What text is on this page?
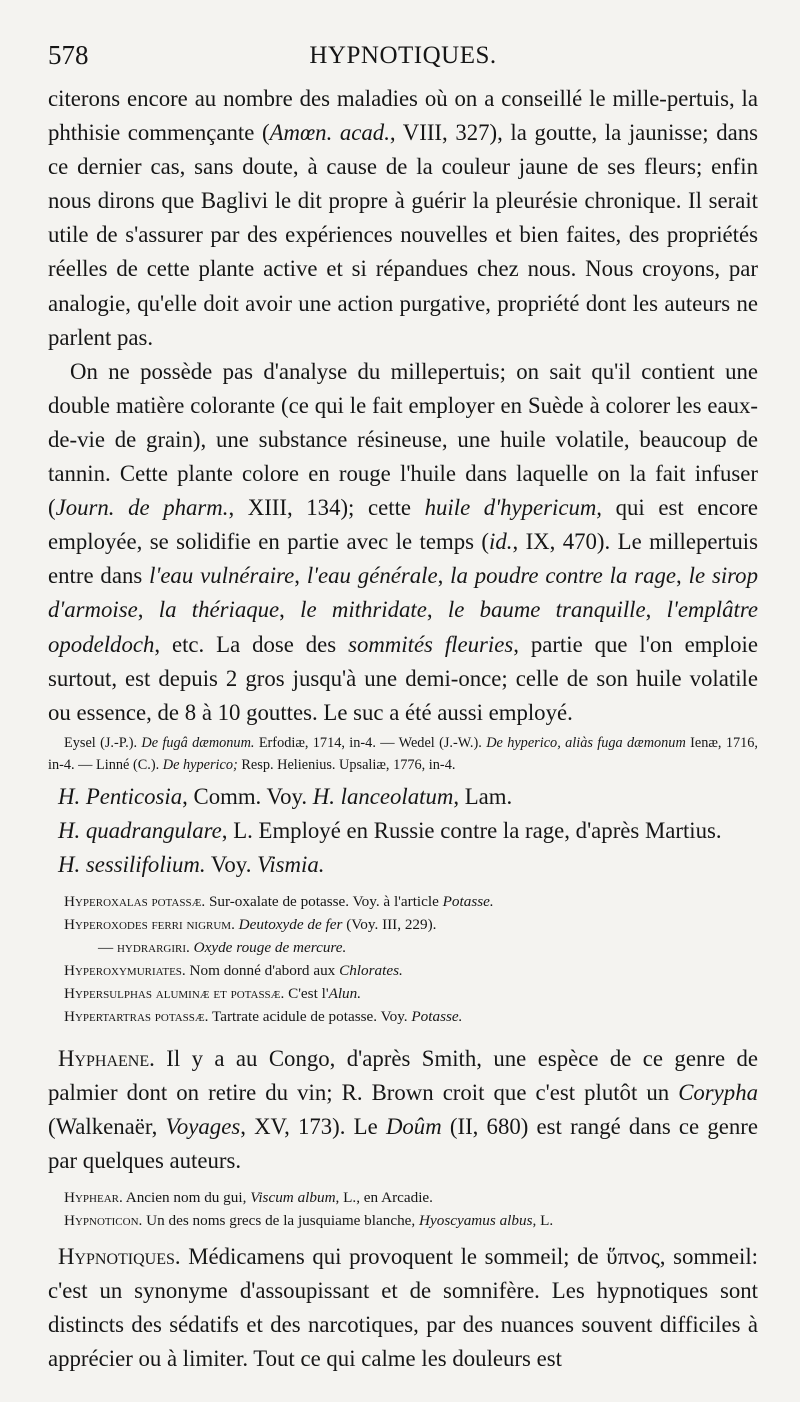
578	HYPNOTIQUES.

citerons encore au nombre des maladies où on a conseillé le mille-pertuis, la phthisie commençante (Amœn. acad., VIII, 327), la goutte, la jaunisse; dans ce dernier cas, sans doute, à cause de la couleur jaune de ses fleurs; enfin nous dirons que Baglivi le dit propre à guérir la pleurésie chronique. Il serait utile de s'assurer par des expériences nouvelles et bien faites, des propriétés réelles de cette plante active et si répandues chez nous. Nous croyons, par analogie, qu'elle doit avoir une action purgative, propriété dont les auteurs ne parlent pas.

On ne possède pas d'analyse du millepertuis; on sait qu'il contient une double matière colorante (ce qui le fait employer en Suède à colorer les eaux-de-vie de grain), une substance résineuse, une huile volatile, beaucoup de tannin. Cette plante colore en rouge l'huile dans laquelle on la fait infuser (Journ. de pharm., XIII, 134); cette huile d'hypericum, qui est encore employée, se solidifie en partie avec le temps (id., IX, 470). Le millepertuis entre dans l'eau vulnéraire, l'eau générale, la poudre contre la rage, le sirop d'armoise, la thériaque, le mithridate, le baume tranquille, l'emplâtre opodeldoch, etc. La dose des sommités fleuries, partie que l'on emploie surtout, est depuis 2 gros jusqu'à une demi-once; celle de son huile volatile ou essence, de 8 à 10 gouttes. Le suc a été aussi employé.

Eysel (J.-P.). De fugâ dæmonum. Erfodiæ, 1714, in-4. — Wedel (J.-W.). De hyperico, aliàs fuga dæmonum Ienæ, 1716, in-4. — Linné (C.). De hyperico; Resp. Helienius. Upsaliæ, 1776, in-4.

H. Penticosia, Comm. Voy. H. lanceolatum, Lam.

H. quadrangulare, L. Employé en Russie contre la rage, d'après Martius.

H. sessilifolium. Voy. Vismia.

Hyperoxalas potassæ. Sur-oxalate de potasse. Voy. à l'article Potasse.

Hyperoxodes ferri nigrum. Deutoxyde de fer (Voy. III, 229).

— hydrargiri. Oxyde rouge de mercure.

Hyperoxymuriates. Nom donné d'abord aux Chlorates.

Hypersulphas aluminæ et potassæ. C'est l'Alun.

Hypertartras potassæ. Tartrate acidule de potasse. Voy. Potasse.

Hyphaene. Il y a au Congo, d'après Smith, une espèce de ce genre de palmier dont on retire du vin; R. Brown croit que c'est plutôt un Corypha (Walkenaër, Voyages, XV, 173). Le Doûm (II, 680) est rangé dans ce genre par quelques auteurs.

Hyphear. Ancien nom du gui, Viscum album, L., en Arcadie.

Hypnoticon. Un des noms grecs de la jusquiame blanche, Hyoscyamus albus, L.

Hypnotiques. Médicamens qui provoquent le sommeil; de ὕπνος, sommeil: c'est un synonyme d'assoupissant et de somnifère. Les hypnotiques sont distincts des sédatifs et des narcotiques, par des nuances souvent difficiles à apprécier ou à limiter. Tout ce qui calme les douleurs est
